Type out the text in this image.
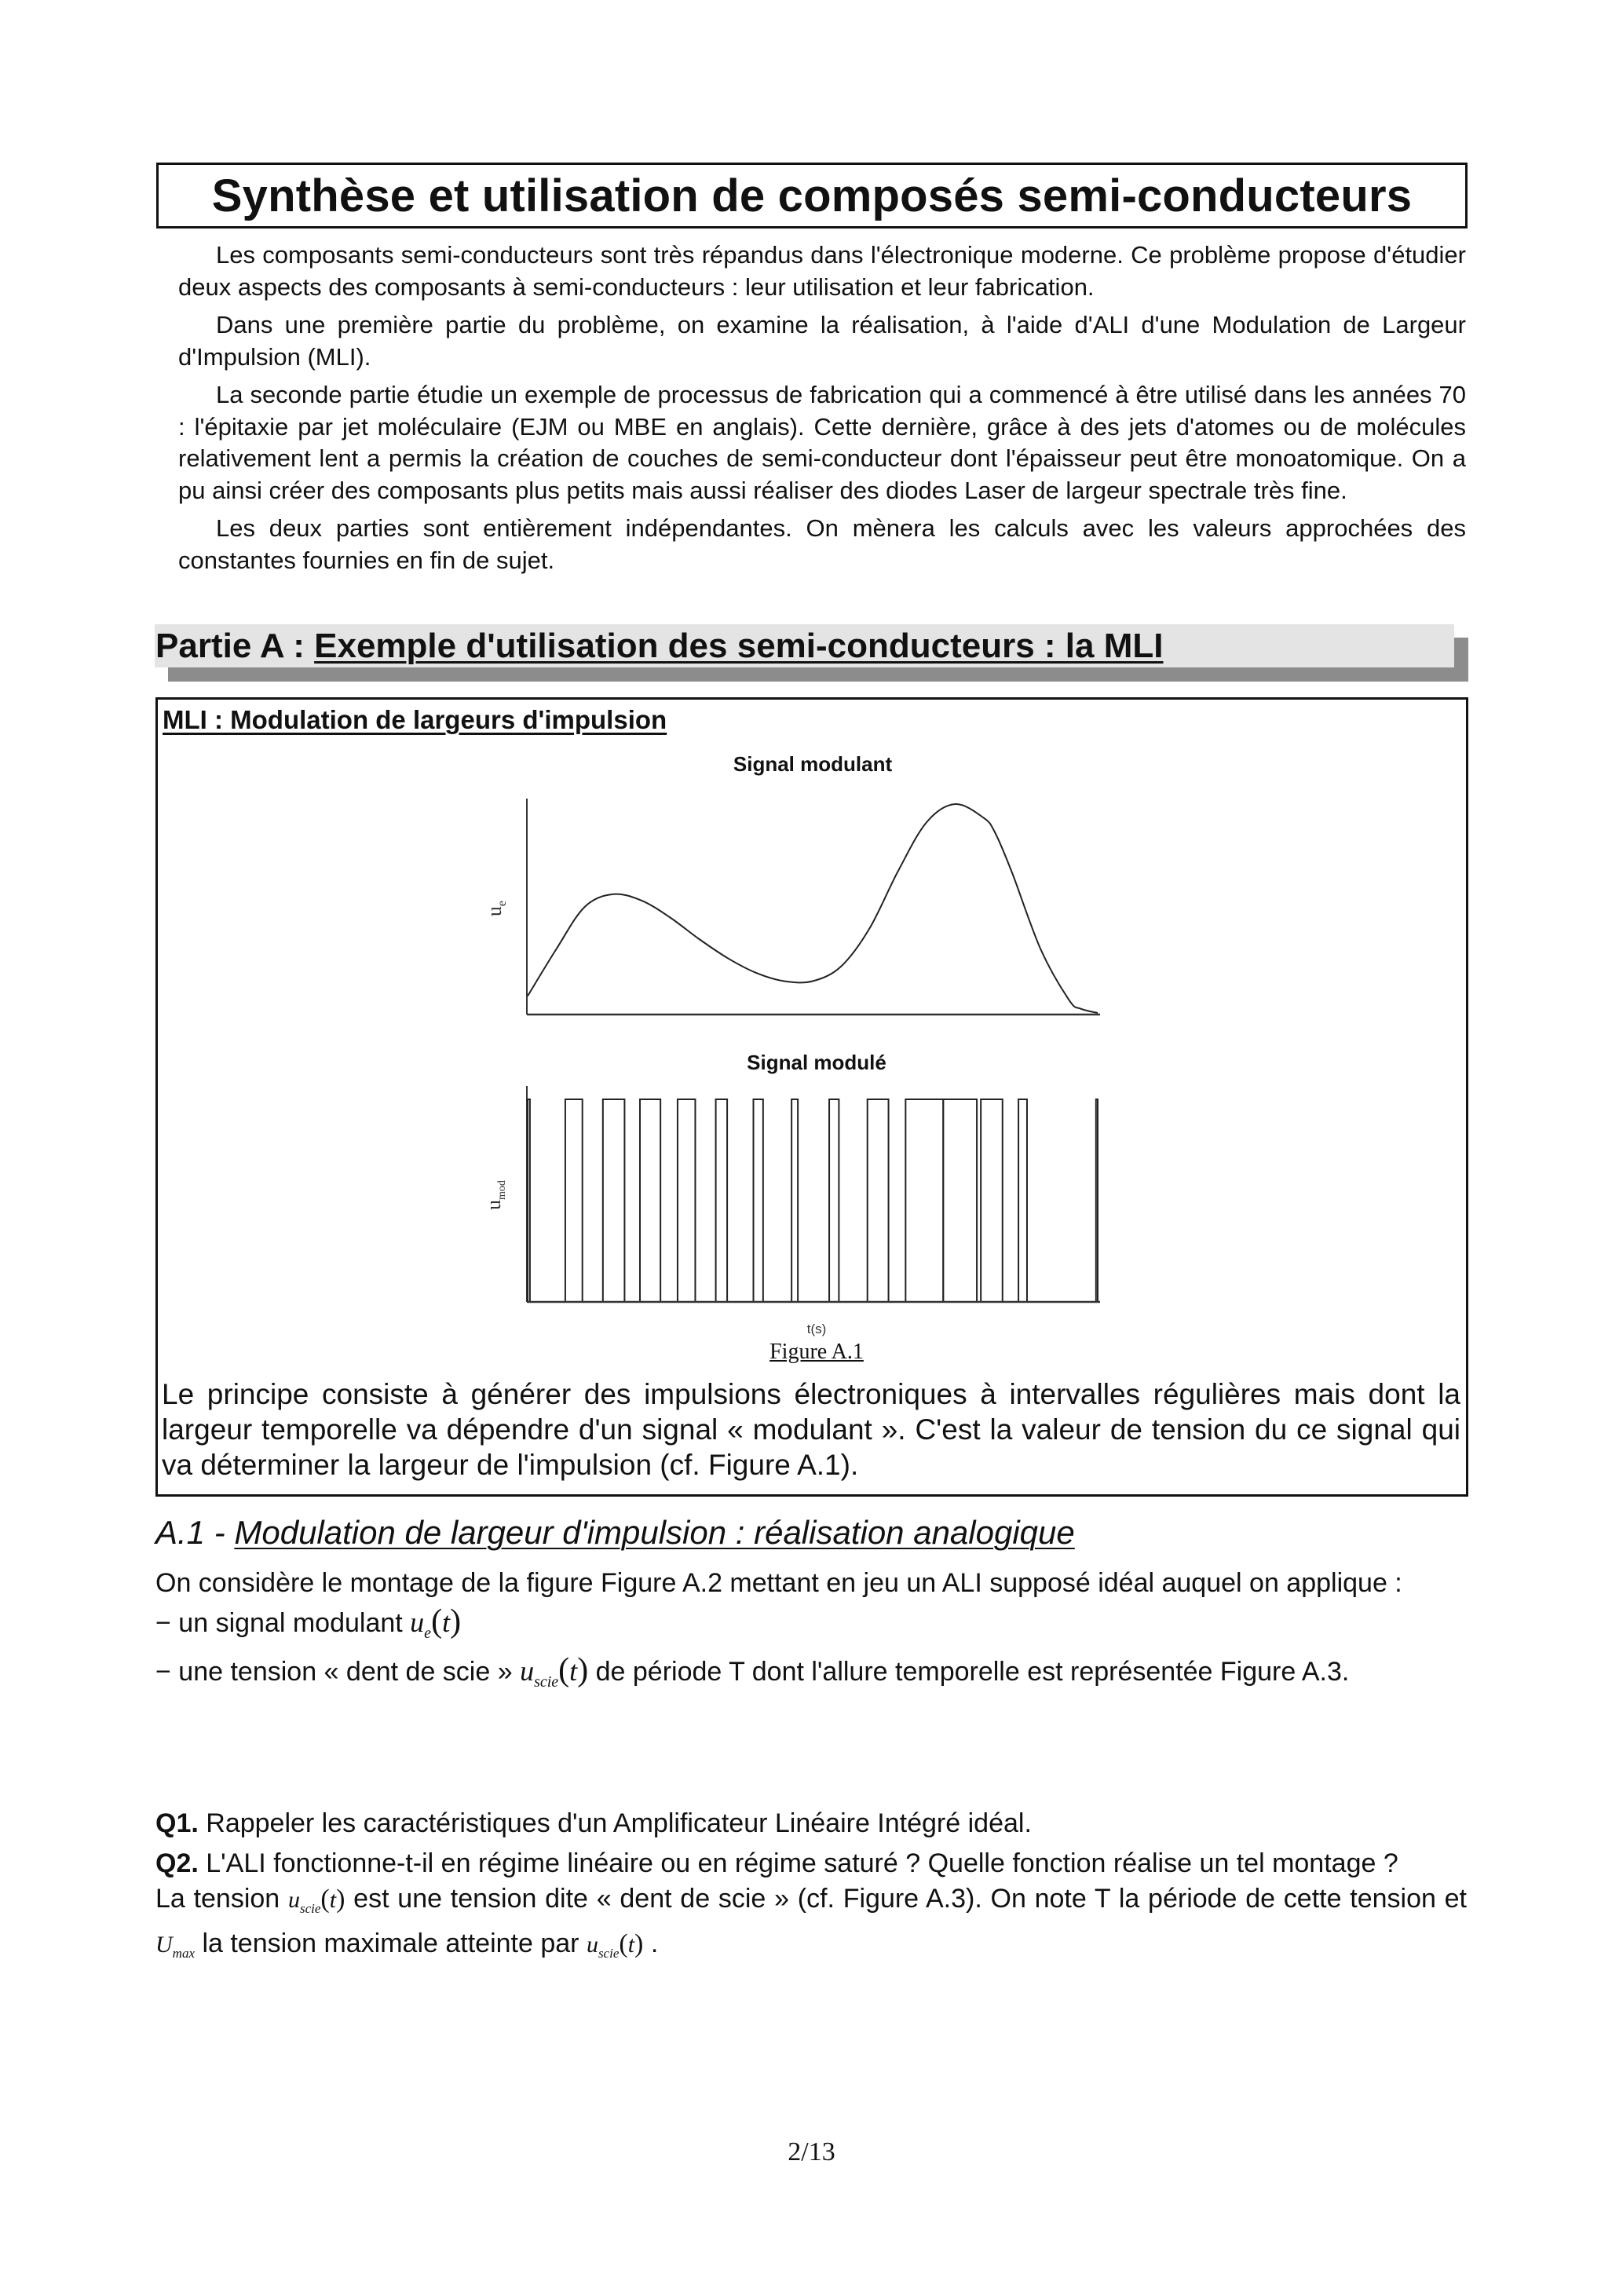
Synthèse et utilisation de composés semi-conducteurs

Les composants semi-conducteurs sont très répandus dans l'électronique moderne. Ce problème propose d'étudier deux aspects des composants à semi-conducteurs : leur utilisation et leur fabrication.

Dans une première partie du problème, on examine la réalisation, à l'aide d'ALI d'une Modulation de Largeur d'Impulsion (MLI).

La seconde partie étudie un exemple de processus de fabrication qui a commencé à être utilisé dans les années 70 : l'épitaxie par jet moléculaire (EJM ou MBE en anglais). Cette dernière, grâce à des jets d'atomes ou de molécules relativement lent a permis la création de couches de semi-conducteur dont l'épaisseur peut être monoatomique. On a pu ainsi créer des composants plus petits mais aussi réaliser des diodes Laser de largeur spectrale très fine.

Les deux parties sont entièrement indépendantes. On mènera les calculs avec les valeurs approchées des constantes fournies en fin de sujet.

Partie A : Exemple d'utilisation des semi-conducteurs : la MLI
MLI : Modulation de largeurs d'impulsion
Signal modulant
$u_e$
Signal modulé
$u_{mod}$
t(s)
Figure A.1
Le principe consiste à générer des impulsions électroniques à intervalles régulières mais dont la largeur temporelle va dépendre d'un signal « modulant ». C'est la valeur de tension du ce signal qui va déterminer la largeur de l'impulsion (cf. Figure A.1).
A.1 - Modulation de largeur d'impulsion : réalisation analogique

On considère le montage de la figure Figure A.2 mettant en jeu un ALI supposé idéal auquel on applique :

− un signal modulant $u_e(t)$

− une tension « dent de scie » $u_{scie}(t)$ de période T dont l'allure temporelle est représentée Figure A.3.

Q1. Rappeler les caractéristiques d'un Amplificateur Linéaire Intégré idéal.

Q2. L'ALI fonctionne-t-il en régime linéaire ou en régime saturé ? Quelle fonction réalise un tel montage ?

La tension $u_{scie}(t)$ est une tension dite « dent de scie » (cf. Figure A.3). On note T la période de cette tension et $U_{max}$ la tension maximale atteinte par $u_{scie}(t)$ .

2/13
